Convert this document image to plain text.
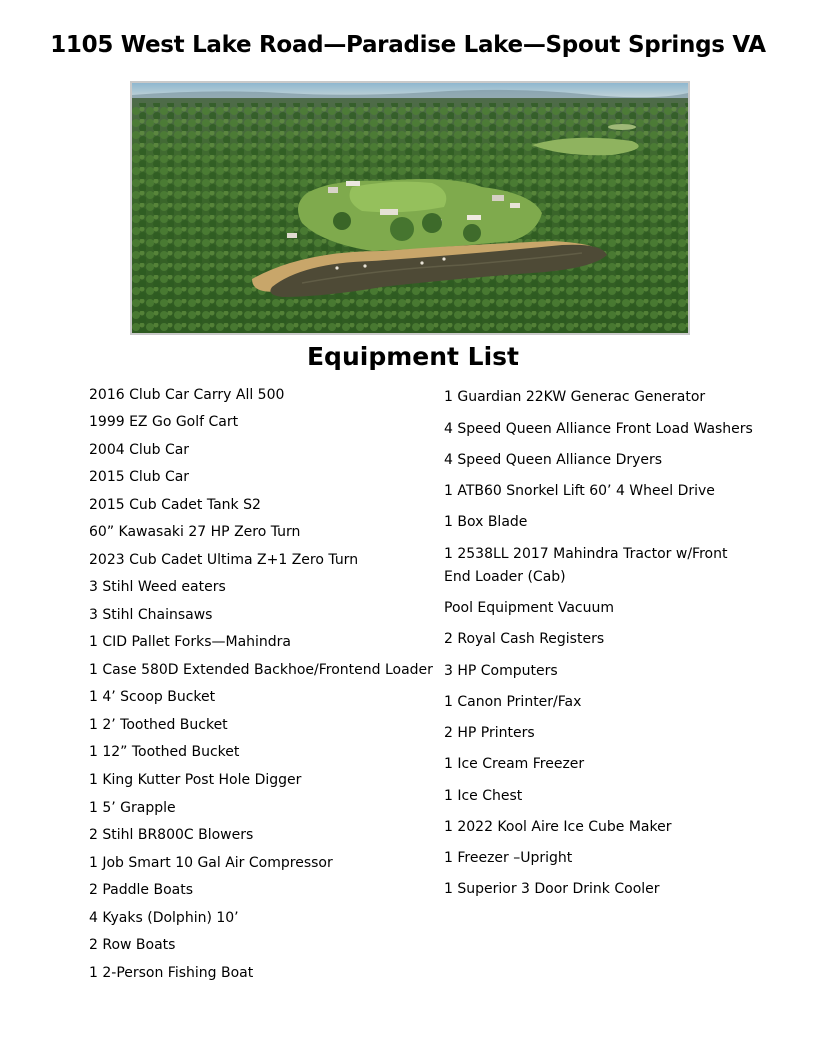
1105 West Lake Road—Paradise Lake—Spout Springs VA
Equipment List
2016 Club Car Carry All 500
1999 EZ Go Golf Cart
2004 Club Car
2015 Club Car
2015 Cub Cadet Tank S2
60” Kawasaki 27 HP Zero Turn
2023 Cub Cadet Ultima Z+1 Zero Turn
3 Stihl Weed eaters
3 Stihl Chainsaws
1 CID Pallet Forks—Mahindra
1 Case 580D Extended Backhoe/Frontend Loader
1 4’ Scoop Bucket
1 2’ Toothed Bucket
1 12” Toothed Bucket
1 King Kutter Post Hole Digger
1 5’ Grapple
2 Stihl BR800C Blowers
1 Job Smart 10 Gal Air Compressor
2 Paddle Boats
4 Kyaks (Dolphin) 10’
2 Row Boats
1 2-Person Fishing Boat
1 Guardian 22KW Generac Generator
4 Speed Queen Alliance Front Load Washers
4 Speed Queen Alliance Dryers
1 ATB60 Snorkel Lift 60’ 4 Wheel Drive
1 Box Blade
1 2538LL 2017 Mahindra Tractor w/Front End Loader (Cab)
Pool Equipment Vacuum
2 Royal Cash Registers
3 HP Computers
1 Canon Printer/Fax
2 HP Printers
1 Ice Cream Freezer
1 Ice Chest
1 2022 Kool Aire Ice Cube Maker
1 Freezer –Upright
1 Superior 3 Door Drink Cooler
